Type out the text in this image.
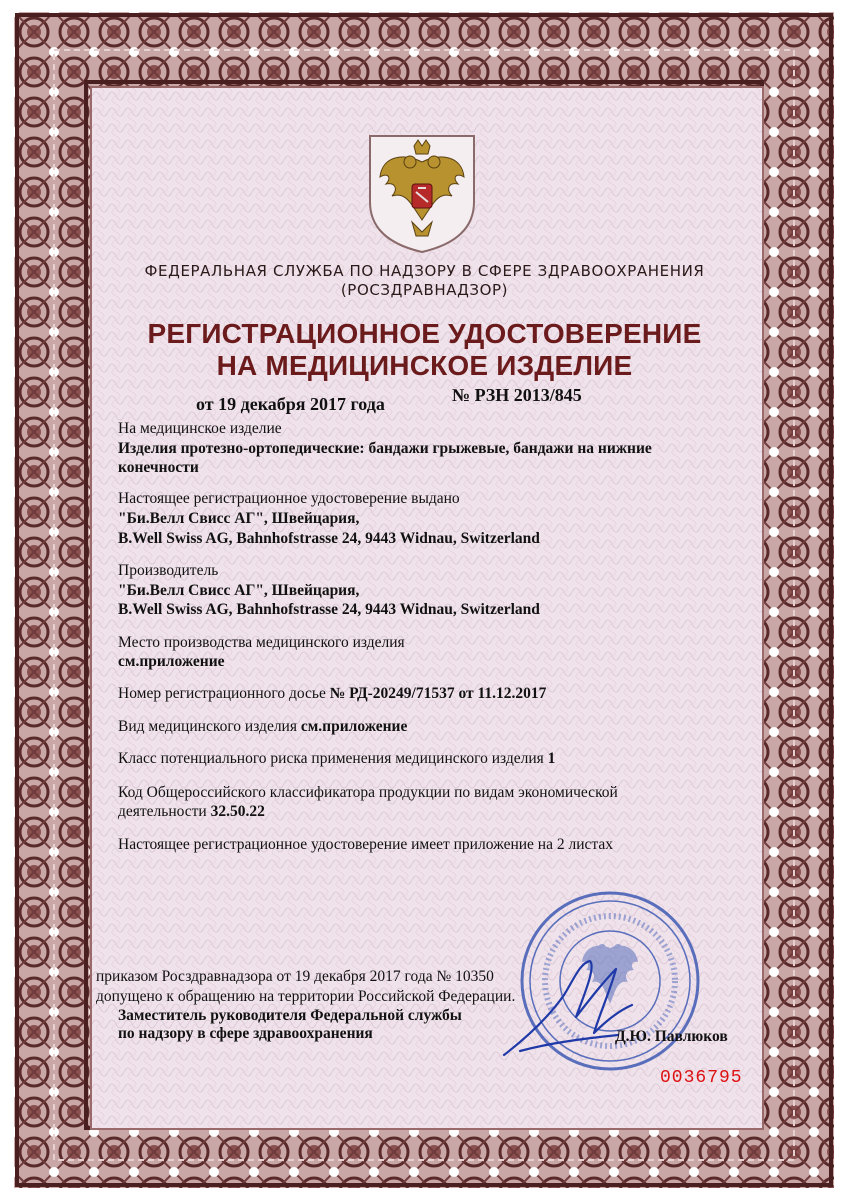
ФЕДЕРАЛЬНАЯ СЛУЖБА ПО НАДЗОРУ В СФЕРЕ ЗДРАВООХРАНЕНИЯ

(РОСЗДРАВНАДЗОР)

РЕГИСТРАЦИОННОЕ УДОСТОВЕРЕНИЕ

НА МЕДИЦИНСКОЕ ИЗДЕЛИЕ

от 19 декабря 2017 года	№ РЗН 2013/845

На медицинское изделие

Изделия протезно-ортопедические: бандажи грыжевые, бандажи на нижние

конечности

Настоящее регистрационное удостоверение выдано

"Би.Велл Свисс АГ", Швейцария,

B.Well Swiss AG, Bahnhofstrasse 24, 9443 Widnau, Switzerland

Производитель

"Би.Велл Свисс АГ", Швейцария,

B.Well Swiss AG, Bahnhofstrasse 24, 9443 Widnau, Switzerland

Место производства медицинского изделия

см.приложение

Номер регистрационного досье № РД-20249/71537 от 11.12.2017

Вид медицинского изделия см.приложение

Класс потенциального риска применения медицинского изделия 1

Код Общероссийского классификатора продукции по видам экономической

деятельности 32.50.22

Настоящее регистрационное удостоверение имеет приложение на 2 листах

приказом Росздравнадзора от 19 декабря 2017 года № 10350

допущено к обращению на территории Российской Федерации.

Заместитель руководителя Федеральной службы

по надзору в сфере здравоохранения	Д.Ю. Павлюков

0036795
